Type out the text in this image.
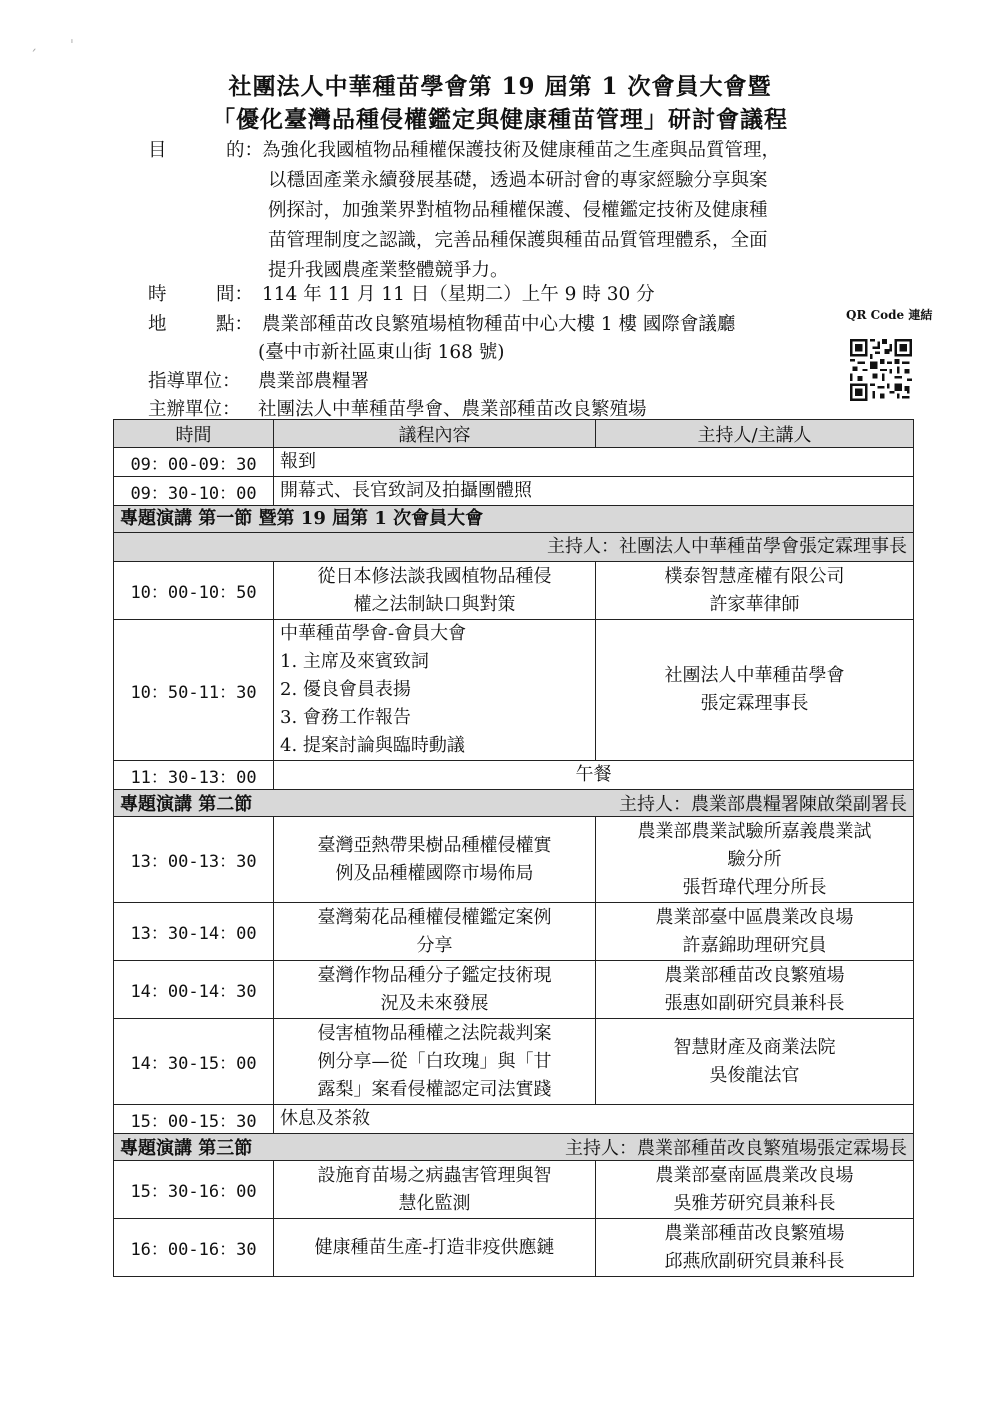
ˏ ˈ
社團法人中華種苗學會第 19 屆第 1 次會員大會暨
「優化臺灣品種侵權鑑定與健康種苗管理」研討會議程
目	的：
為強化我國植物品種權保護技術及健康種苗之生產與品質管理，
以穩固產業永續發展基礎，透過本研討會的專家經驗分享與案
例探討，加強業界對植物品種權保護、侵權鑑定技術及健康種
苗管理制度之認識，完善品種保護與種苗品質管理體系，全面
提升我國農產業整體競爭力。
時	間： 114 年 11 月 11 日（星期二）上午 9 時 30 分
地	點： 農業部種苗改良繁殖場植物種苗中心大樓 1 樓 國際會議廳
(臺中市新社區東山街 168 號)
指導單位： 農業部農糧署
主辦單位： 社團法人中華種苗學會、農業部種苗改良繁殖場
QR Code 連結
時間	議程內容	主持人/主講人
09：00-09：30	報到	
09：30-10：00	開幕式、長官致詞及拍攝團體照	

專題演講 第一節 暨第 19 屆第 1 次會員大會
主持人：社團法人中華種苗學會張定霖理事長		

10：00-10：50	從日本修法談我國植物品種侵
權之法制缺口與對策	樸泰智慧產權有限公司
許家華律師

10：50-11：30	中華種苗學會-會員大會
1. 主席及來賓致詞
2. 優良會員表揚
3. 會務工作報告
4. 提案討論與臨時動議	社團法人中華種苗學會
張定霖理事長

11：30-13：00	午餐	

專題演講 第二節 主持人：農業部農糧署陳啟榮副署長		

13：00-13：30	臺灣亞熱帶果樹品種權侵權實
例及品種權國際市場佈局	農業部農業試驗所嘉義農業試
驗分所
張哲瑋代理分所長

13：30-14：00	臺灣菊花品種權侵權鑑定案例
分享	農業部臺中區農業改良場
許嘉錦助理研究員

14：00-14：30	臺灣作物品種分子鑑定技術現
況及未來發展	農業部種苗改良繁殖場
張惠如副研究員兼科長

14：30-15：00	侵害植物品種權之法院裁判案
例分享—從「白玫瑰」與「甘
露梨」案看侵權認定司法實踐	智慧財產及商業法院
吳俊龍法官

15：00-15：30	休息及茶敘	

專題演講 第三節 主持人：農業部種苗改良繁殖場張定霖場長		

15：30-16：00	設施育苗場之病蟲害管理與智
慧化監測	農業部臺南區農業改良場
吳雅芳研究員兼科長

16：00-16：30	健康種苗生產-打造非疫供應鏈	農業部種苗改良繁殖場
邱燕欣副研究員兼科長
